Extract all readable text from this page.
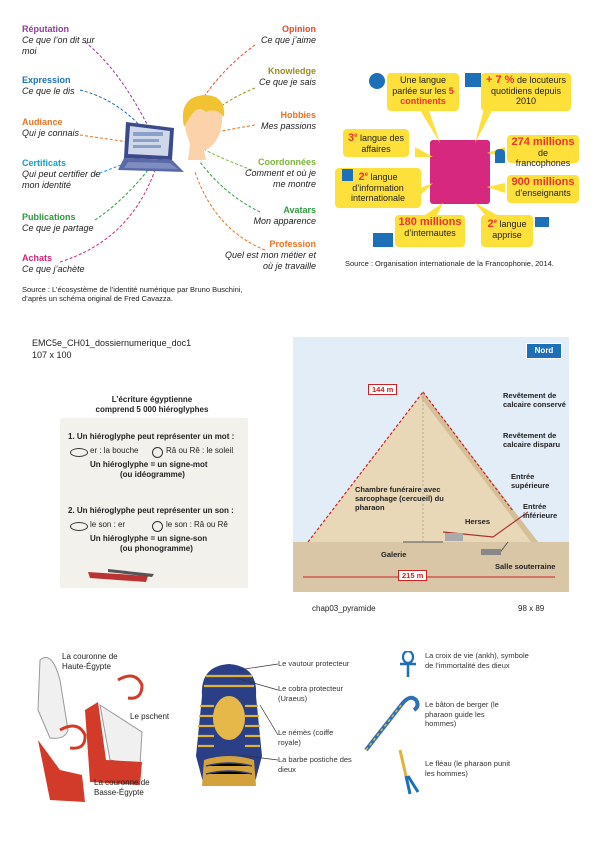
Réputation
Ce que l’on dit sur moi
Expression
Ce que le dis
Audiance
Qui je connais
Certificats
Qui peut certifier de mon identité
Publications
Ce que je partage
Achats
Ce que j’achète
Opinion
Ce que j’aime
Knowledge
Ce que je sais
Hobbies
Mes passions
Coordonnées
Comment et où je me montre
Avatars
Mon apparence
Profession
Quel est mon métier et où je travaille
Source : L’écosystème de l’identité numérique par Bruno Buschini, d’après un schéma original de Fred Cavazza.
Une langue parlée sur les 5 continents
+ 7 % de locuteurs quotidiens depuis 2010
3e langue des affaires
274 millions de francophones
2e langue d’information internationale
900 millions d’enseignants
180 millions d’internautes
2e langue apprise
Source : Organisation internationale de la Francophonie, 2014.
EMC5e_CH01_dossiernumerique_doc1
107 x 100
L’écriture égyptienne
comprend 5 000 hiéroglyphes
1. Un hiéroglyphe peut représenter un mot :
er : la bouche	Râ ou Rê : le soleil
Un hiéroglyphe = un signe-mot
(ou idéogramme)
2. Un hiéroglyphe peut représenter un son :
le son : er	le son : Râ ou Rê
Un hiéroglyphe = un signe-son
(ou phonogramme)
Nord
144 m
215 m
Revêtement de calcaire conservé
Revêtement de calcaire disparu
Entrée supérieure
Entrée inférieure
Chambre funéraire avec sarcophage (cercueil) du pharaon
Herses
Galerie
Salle souterraine
chap03_pyramide	98 x 89
La couronne de Haute-Égypte
Le pschent
La couronne de Basse-Égypte
Le vautour protecteur
Le cobra protecteur (Uraeus)
Le némès (coiffe royale)
La barbe postiche des dieux
La croix de vie (ankh), symbole de l’immortalité des dieux
Le bâton de berger (le pharaon guide les hommes)
Le fléau (le pharaon punit les hommes)
